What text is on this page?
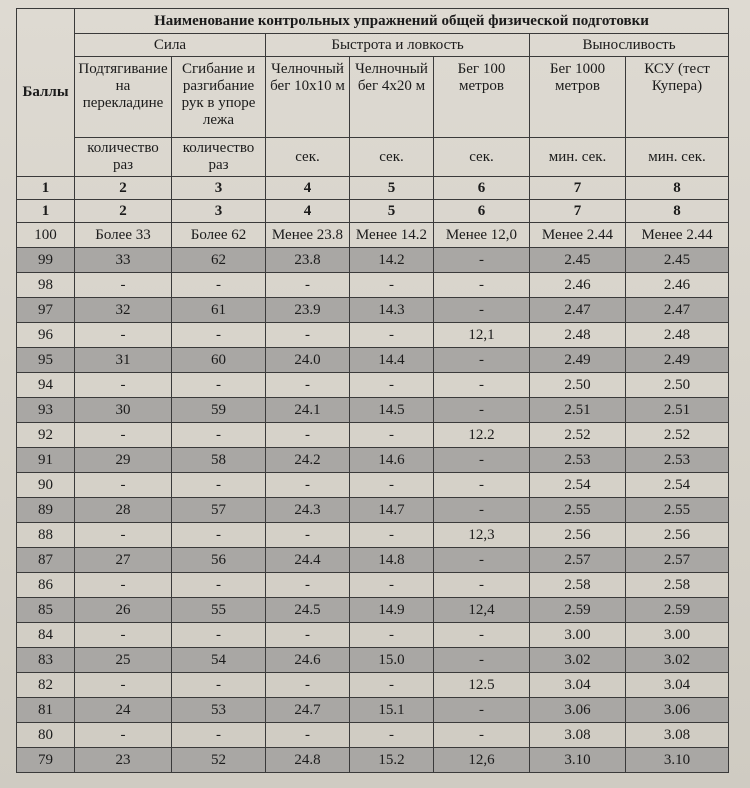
Баллы	Наименование контрольных упражнений общей физической подготовки						
	Сила		Быстрота и ловкость			Выносливость	
	Подтягивание на перекладине	Сгибание и разгибание рук в упоре лежа	Челночный бег 10х10 м	Челночный бег 4х20 м	Бег 100 метров	Бег 1000 метров	КСУ (тест Купера)
	количество раз	количество раз	сек.	сек.	сек.	мин. сек.	мин. сек.
1	2	3	4	5	6	7	8
1	2	3	4	5	6	7	8
100	Более 33	Более 62	Менее 23.8	Менее 14.2	Менее 12,0	Менее 2.44	Менее 2.44
99	33	62	23.8	14.2	-	2.45	2.45
98	-	-	-	-	-	2.46	2.46
97	32	61	23.9	14.3	-	2.47	2.47
96	-	-	-	-	12,1	2.48	2.48
95	31	60	24.0	14.4	-	2.49	2.49
94	-	-	-	-	-	2.50	2.50
93	30	59	24.1	14.5	-	2.51	2.51
92	-	-	-	-	12.2	2.52	2.52
91	29	58	24.2	14.6	-	2.53	2.53
90	-	-	-	-	-	2.54	2.54
89	28	57	24.3	14.7	-	2.55	2.55
88	-	-	-	-	12,3	2.56	2.56
87	27	56	24.4	14.8	-	2.57	2.57
86	-	-	-	-	-	2.58	2.58
85	26	55	24.5	14.9	12,4	2.59	2.59
84	-	-	-	-	-	3.00	3.00
83	25	54	24.6	15.0	-	3.02	3.02
82	-	-	-	-	12.5	3.04	3.04
81	24	53	24.7	15.1	-	3.06	3.06
80	-	-	-	-	-	3.08	3.08
79	23	52	24.8	15.2	12,6	3.10	3.10
